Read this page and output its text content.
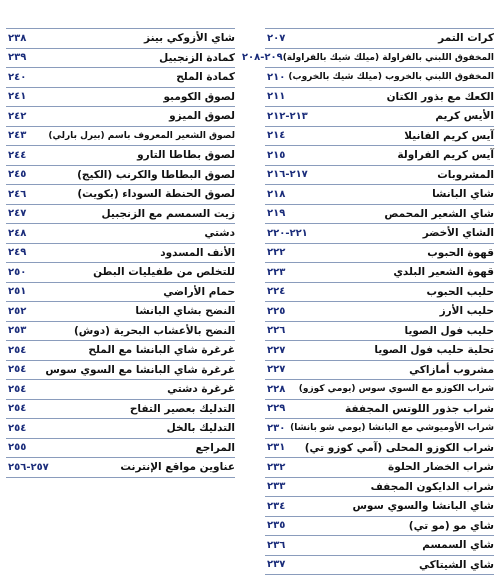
كرات التمر
٢٠٧
المخفوق اللبني بالفراولة (ميلك شيك بالفراولة)
٢٠٩-٢٠٨
المخفوق اللبني بالخروب (ميلك شيك بالخروب)
٢١٠
الكعك مع بذور الكتان
٢١١
الأيس كريم
٢١٣-٢١٢
آيس كريم الفانيلا
٢١٤
آيس كريم الفراولة
٢١٥
المشروبات
٢١٧-٢١٦
شاي البانشا
٢١٨
شاي الشعير المحمص
٢١٩
الشاي الأخضر
٢٢١-٢٢٠
قهوة الحبوب
٢٢٢
قهوة الشعير البلدي
٢٢٣
حليب الحبوب
٢٢٤
حليب الأرز
٢٢٥
حليب فول الصويا
٢٢٦
تحلية حليب فول الصويا
٢٢٧
مشروب أمازاكي
٢٢٧
شراب الكوزو مع السوي سوس (يومي كوزو)
٢٢٨
شراب جذور اللوتس المجففة
٢٢٩
شراب الأوميوشي مع البانشا (يومي شو بانشا)
٢٣٠
شراب الكوزو المحلى (آمي كوزو تي)
٢٣١
شراب الخضار الحلوة
٢٣٢
شراب الدايكون المجفف
٢٣٣
شاي البانشا والسوي سوس
٢٣٤
شاي مو (مو تي)
٢٣٥
شاي السمسم
٢٣٦
شاي الشيتاكي
٢٣٧
شاي الأزوكي بينز
٢٣٨
كمادة الزنجبيل
٢٣٩
كمادة الملح
٢٤٠
لصوق الكومبو
٢٤١
لصوق الميزو
٢٤٢
لصوق الشعير المعروف باسم (بيرل بارلي)
٢٤٣
لصوق بطاطا التارو
٢٤٤
لصوق البطاطا والكرنب (الكيج)
٢٤٥
لصوق الحنطة السوداء (بكويت)
٢٤٦
زيت السمسم مع الزنجبيل
٢٤٧
دشتي
٢٤٨
الأنف المسدود
٢٤٩
للتخلص من طفيليات البطن
٢٥٠
حمام الأراضي
٢٥١
النضح بشاي البانشا
٢٥٢
النضح بالأعشاب البحرية (دوش)
٢٥٣
غرغرة شاي البانشا مع الملح
٢٥٤
غرغرة شاي البانشا مع السوي سوس
٢٥٤
غرغرة دشتي
٢٥٤
التدليك بعصير التفاح
٢٥٤
التدليك بالخل
٢٥٤
المراجع
٢٥٥
عناوين مواقع الإنترنت
٢٥٧-٢٥٦
